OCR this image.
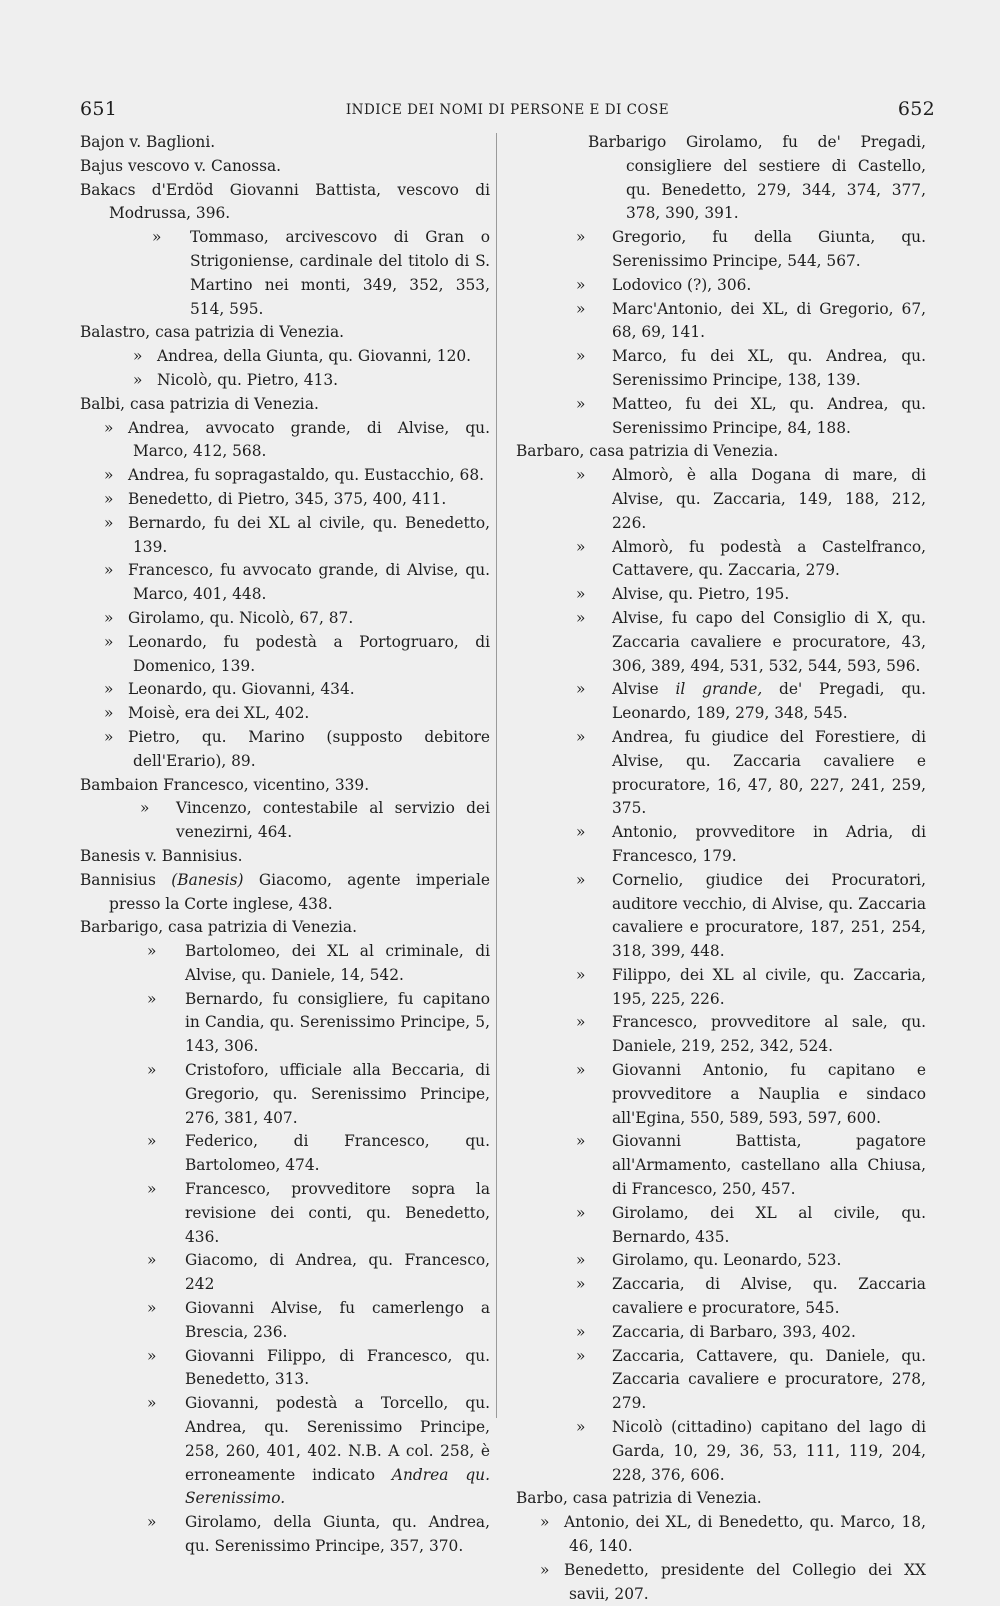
651	INDICE DEI NOMI DI PERSONE E DI COSE	652
Bajon v. Baglioni.
Bajus vescovo v. Canossa.
Bakacs d'Erdöd Giovanni Battista, vescovo di Modrussa, 396.
» Tommaso, arcivescovo di Gran o Strigoniense, cardinale del titolo di S. Martino nei monti, 349, 352, 353, 514, 595.
Balastro, casa patrizia di Venezia.
» Andrea, della Giunta, qu. Giovanni, 120.
» Nicolò, qu. Pietro, 413.
Balbi, casa patrizia di Venezia.
» Andrea, avvocato grande, di Alvise, qu. Marco, 412, 568.
» Andrea, fu sopragastaldo, qu. Eustacchio, 68.
» Benedetto, di Pietro, 345, 375, 400, 411.
» Bernardo, fu dei XL al civile, qu. Benedetto, 139.
» Francesco, fu avvocato grande, di Alvise, qu. Marco, 401, 448.
» Girolamo, qu. Nicolò, 67, 87.
» Leonardo, fu podestà a Portogruaro, di Domenico, 139.
» Leonardo, qu. Giovanni, 434.
» Moisè, era dei XL, 402.
» Pietro, qu. Marino (supposto debitore dell'Erario), 89.
Bambaion Francesco, vicentino, 339.
» Vincenzo, contestabile al servizio dei venezirni, 464.
Banesis v. Bannisius.
Bannisius (Banesis) Giacomo, agente imperiale presso la Corte inglese, 438.
Barbarigo, casa patrizia di Venezia.
» Bartolomeo, dei XL al criminale, di Alvise, qu. Daniele, 14, 542.
» Bernardo, fu consigliere, fu capitano in Candia, qu. Serenissimo Principe, 5, 143, 306.
» Cristoforo, ufficiale alla Beccaria, di Gregorio, qu. Serenissimo Principe, 276, 381, 407.
» Federico, di Francesco, qu. Bartolomeo, 474.
» Francesco, provveditore sopra la revisione dei conti, qu. Benedetto, 436.
» Giacomo, di Andrea, qu. Francesco, 242
» Giovanni Alvise, fu camerlengo a Brescia, 236.
» Giovanni Filippo, di Francesco, qu. Benedetto, 313.
» Giovanni, podestà a Torcello, qu. Andrea, qu. Serenissimo Principe, 258, 260, 401, 402. N.B. A col. 258, è erroneamente indicato Andrea qu. Serenissimo.
» Girolamo, della Giunta, qu. Andrea, qu. Serenissimo Principe, 357, 370.
Barbarigo Girolamo, fu de' Pregadi, consigliere del sestiere di Castello, qu. Benedetto, 279, 344, 374, 377, 378, 390, 391.
» Gregorio, fu della Giunta, qu. Serenissimo Principe, 544, 567.
» Lodovico (?), 306.
» Marc'Antonio, dei XL, di Gregorio, 67, 68, 69, 141.
» Marco, fu dei XL, qu. Andrea, qu. Serenissimo Principe, 138, 139.
» Matteo, fu dei XL, qu. Andrea, qu. Serenissimo Principe, 84, 188.
Barbaro, casa patrizia di Venezia.
» Almorò, è alla Dogana di mare, di Alvise, qu. Zaccaria, 149, 188, 212, 226.
» Almorò, fu podestà a Castelfranco, Cattavere, qu. Zaccaria, 279.
» Alvise, qu. Pietro, 195.
» Alvise, fu capo del Consiglio di X, qu. Zaccaria cavaliere e procuratore, 43, 306, 389, 494, 531, 532, 544, 593, 596.
» Alvise il grande, de' Pregadi, qu. Leonardo, 189, 279, 348, 545.
» Andrea, fu giudice del Forestiere, di Alvise, qu. Zaccaria cavaliere e procuratore, 16, 47, 80, 227, 241, 259, 375.
» Antonio, provveditore in Adria, di Francesco, 179.
» Cornelio, giudice dei Procuratori, auditore vecchio, di Alvise, qu. Zaccaria cavaliere e procuratore, 187, 251, 254, 318, 399, 448.
» Filippo, dei XL al civile, qu. Zaccaria, 195, 225, 226.
» Francesco, provveditore al sale, qu. Daniele, 219, 252, 342, 524.
» Giovanni Antonio, fu capitano e provveditore a Nauplia e sindaco all'Egina, 550, 589, 593, 597, 600.
» Giovanni Battista, pagatore all'Armamento, castellano alla Chiusa, di Francesco, 250, 457.
» Girolamo, dei XL al civile, qu. Bernardo, 435.
» Girolamo, qu. Leonardo, 523.
» Zaccaria, di Alvise, qu. Zaccaria cavaliere e procuratore, 545.
» Zaccaria, di Barbaro, 393, 402.
» Zaccaria, Cattavere, qu. Daniele, qu. Zaccaria cavaliere e procuratore, 278, 279.
» Nicolò (cittadino) capitano del lago di Garda, 10, 29, 36, 53, 111, 119, 204, 228, 376, 606.
Barbo, casa patrizia di Venezia.
» Antonio, dei XL, di Benedetto, qu. Marco, 18, 46, 140.
» Benedetto, presidente del Collegio dei XX savii, 207.
